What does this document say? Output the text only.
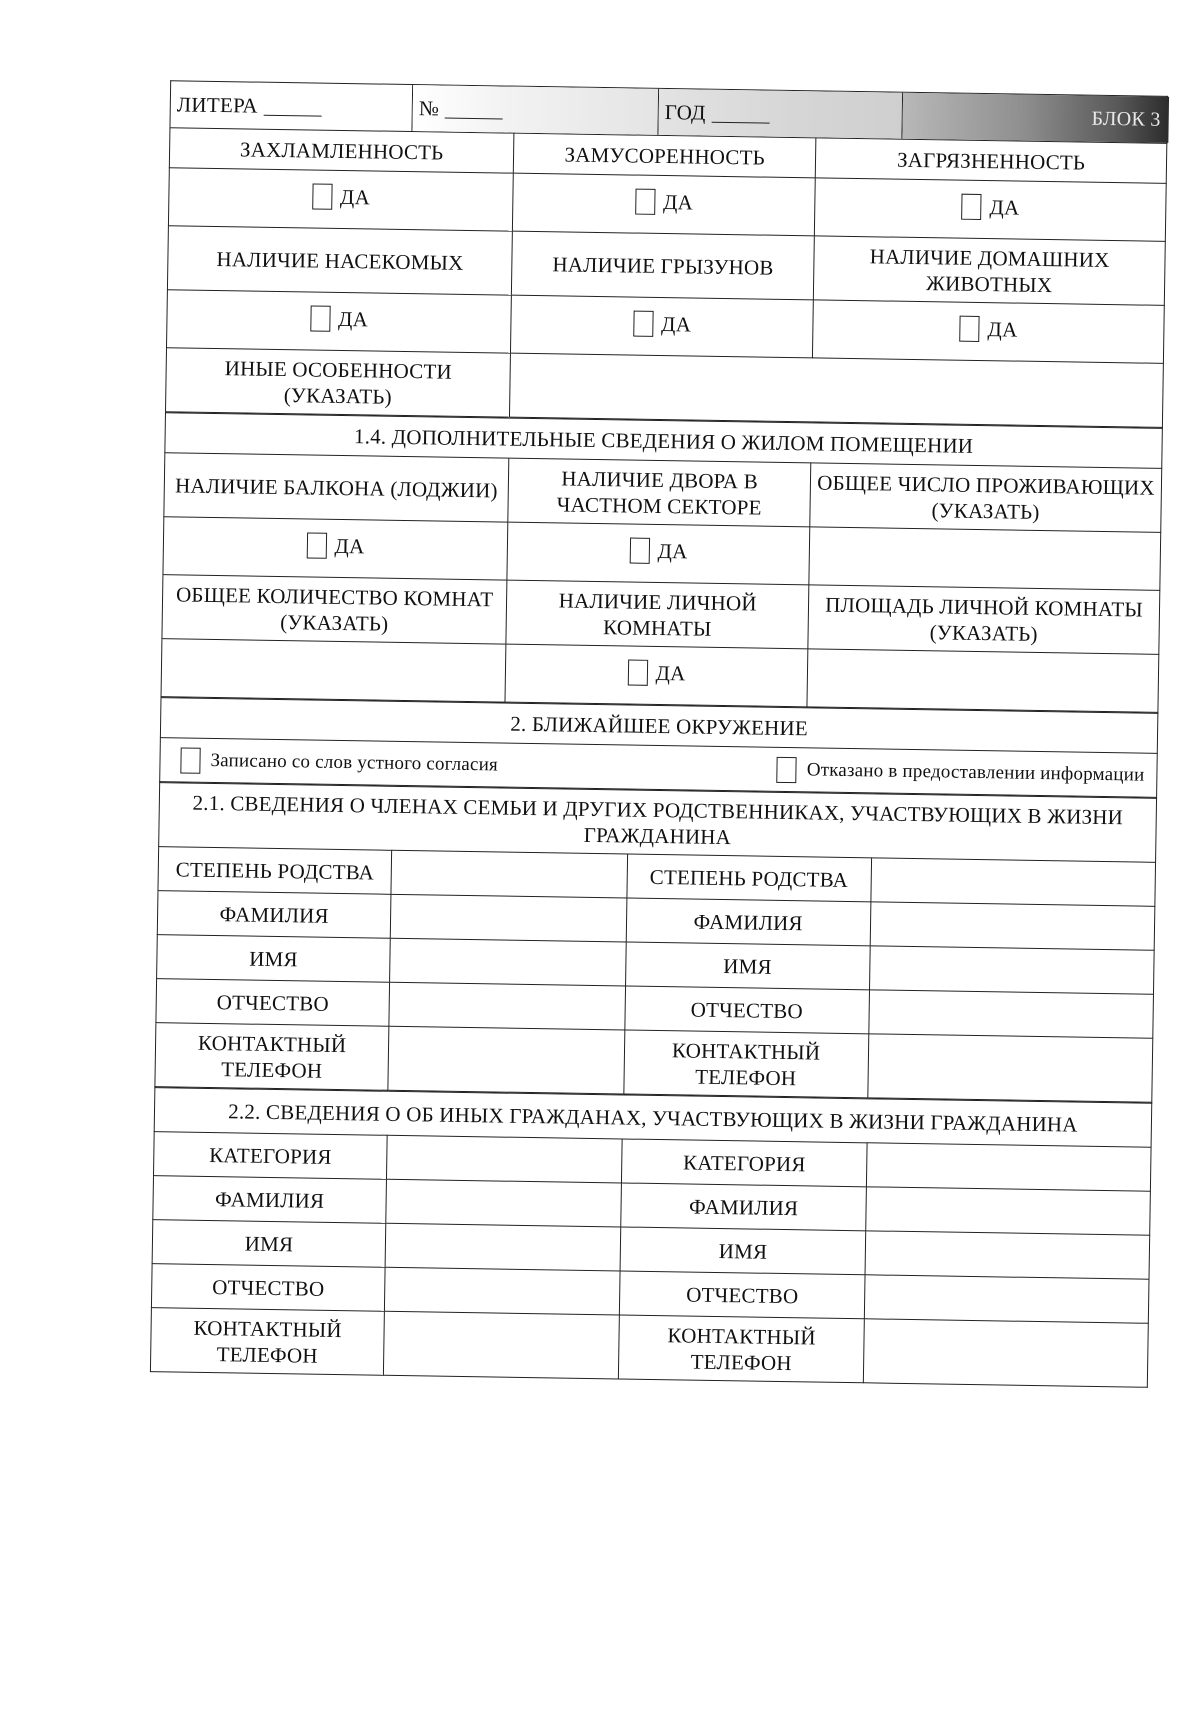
ЛИТЕРА	№	ГОД	БЛОК 3
ЗАХЛАМЛЕННОСТЬ	ЗАМУСОРЕННОСТЬ	ЗАГРЯЗНЕННОСТЬ

ДА	ДА	ДА

НАЛИЧИЕ НАСЕКОМЫХ	НАЛИЧИЕ ГРЫЗУНОВ	НАЛИЧИЕ ДОМАШНИХ ЖИВОТНЫХ

ДА	ДА	ДА

ИНЫЕ ОСОБЕННОСТИ (УКАЗАТЬ)		
1.4. ДОПОЛНИТЕЛЬНЫЕ СВЕДЕНИЯ О ЖИЛОМ ПОМЕЩЕНИИ		
НАЛИЧИЕ БАЛКОНА (ЛОДЖИИ)	НАЛИЧИЕ ДВОРА В ЧАСТНОМ СЕКТОРЕ	ОБЩЕЕ ЧИСЛО ПРОЖИВАЮЩИХ (УКАЗАТЬ)

ДА	ДА	

ОБЩЕЕ КОЛИЧЕСТВО КОМНАТ (УКАЗАТЬ)	НАЛИЧИЕ ЛИЧНОЙ КОМНАТЫ	ПЛОЩАДЬ ЛИЧНОЙ КОМНАТЫ (УКАЗАТЬ)

	ДА	

2. БЛИЖАЙШЕЕ ОКРУЖЕНИЕ

Записано со слов устного согласия	Отказано в предоставлении информации
2.1. СВЕДЕНИЯ О ЧЛЕНАХ СЕМЬИ И ДРУГИХ РОДСТВЕННИКАХ, УЧАСТВУЮЩИХ В ЖИЗНИ ГРАЖДАНИНА			
СТЕПЕНЬ РОДСТВА		СТЕПЕНЬ РОДСТВА	
ФАМИЛИЯ		ФАМИЛИЯ	
ИМЯ		ИМЯ	
ОТЧЕСТВО		ОТЧЕСТВО	
КОНТАКТНЫЙ ТЕЛЕФОН		КОНТАКТНЫЙ ТЕЛЕФОН	
2.2. СВЕДЕНИЯ О ОБ ИНЫХ ГРАЖДАНАХ, УЧАСТВУЮЩИХ В ЖИЗНИ ГРАЖДАНИНА			
КАТЕГОРИЯ		КАТЕГОРИЯ	
ФАМИЛИЯ		ФАМИЛИЯ	
ИМЯ		ИМЯ	
ОТЧЕСТВО		ОТЧЕСТВО	
КОНТАКТНЫЙ ТЕЛЕФОН		КОНТАКТНЫЙ ТЕЛЕФОН	
